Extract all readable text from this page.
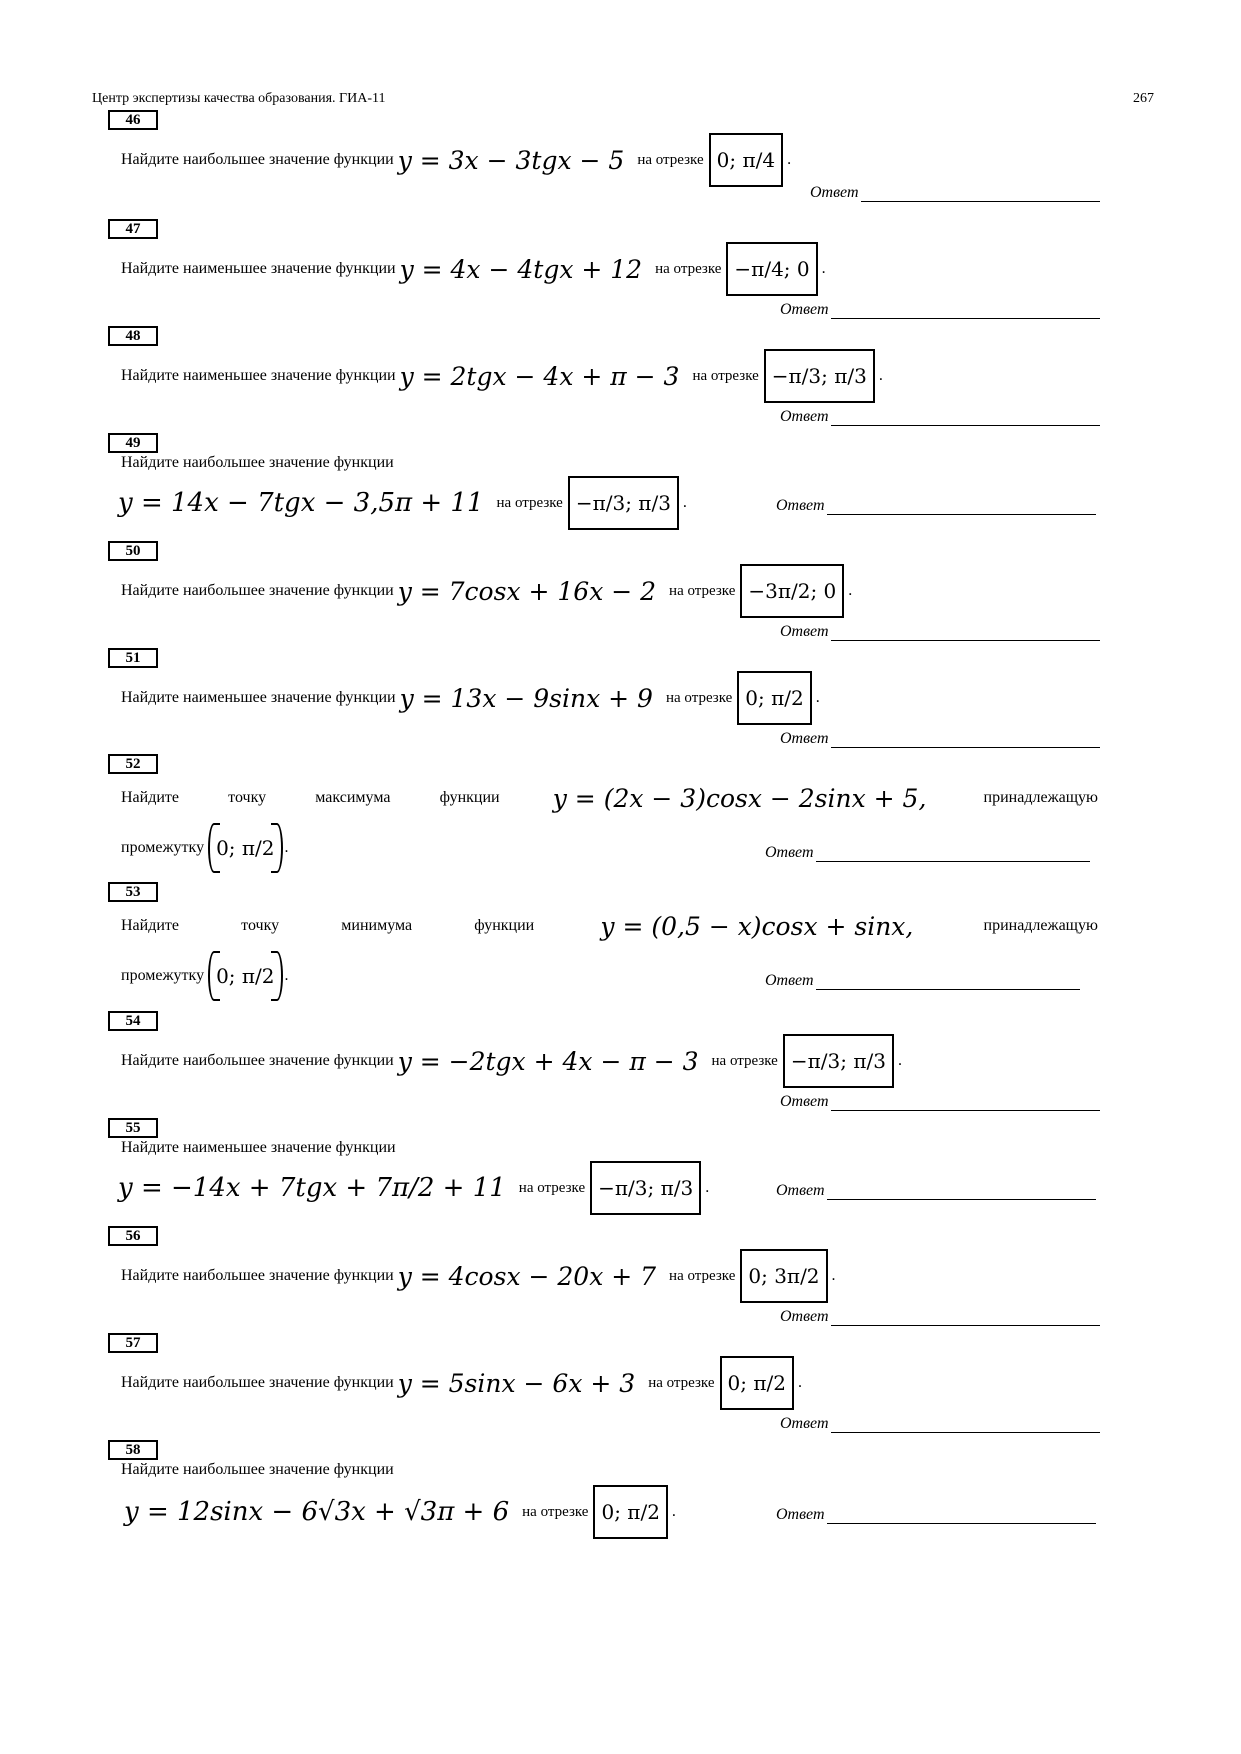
Центр экспертизы качества образования. ГИА-11	267
46
Найдите наибольшее значение функции y = 3x − 3tgx − 5 на отрезке 0; π/4 .
Ответ
47
Найдите наименьшее значение функции y = 4x − 4tgx + 12 на отрезке −π/4; 0 .
Ответ
48
Найдите наименьшее значение функции y = 2tgx − 4x + π − 3 на отрезке −π/3; π/3 .
Ответ
49
Найдите наибольшее значение функции
y = 14x − 7tgx − 3,5π + 11 на отрезке −π/3; π/3 .	Ответ
50
Найдите наибольшее значение функции y = 7cosx + 16x − 2 на отрезке −3π/2; 0 .
Ответ
51
Найдите наименьшее значение функции y = 13x − 9sinx + 9 на отрезке 0; π/2 .
Ответ
52
Найдите	точку	максимума	функции y = (2x − 3)cosx − 2sinx + 5,	принадлежащую
промежутку 0; π/2 .	Ответ
53
Найдите	точку	минимума	функции	y = (0,5 − x)cosx + sinx,	принадлежащую
промежутку 0; π/2 .	Ответ
54
Найдите наибольшее значение функции y = −2tgx + 4x − π − 3 на отрезке −π/3; π/3 .
Ответ
55
Найдите наименьшее значение функции
y = −14x + 7tgx + 7π/2 + 11 на отрезке −π/3; π/3 .	Ответ
56
Найдите наибольшее значение функции y = 4cosx − 20x + 7 на отрезке 0; 3π/2 .
Ответ
57
Найдите наибольшее значение функции y = 5sinx − 6x + 3 на отрезке 0; π/2 .
Ответ
58
Найдите наибольшее значение функции
y = 12sinx − 6√3x + √3π + 6 на отрезке 0; π/2 .	Ответ
